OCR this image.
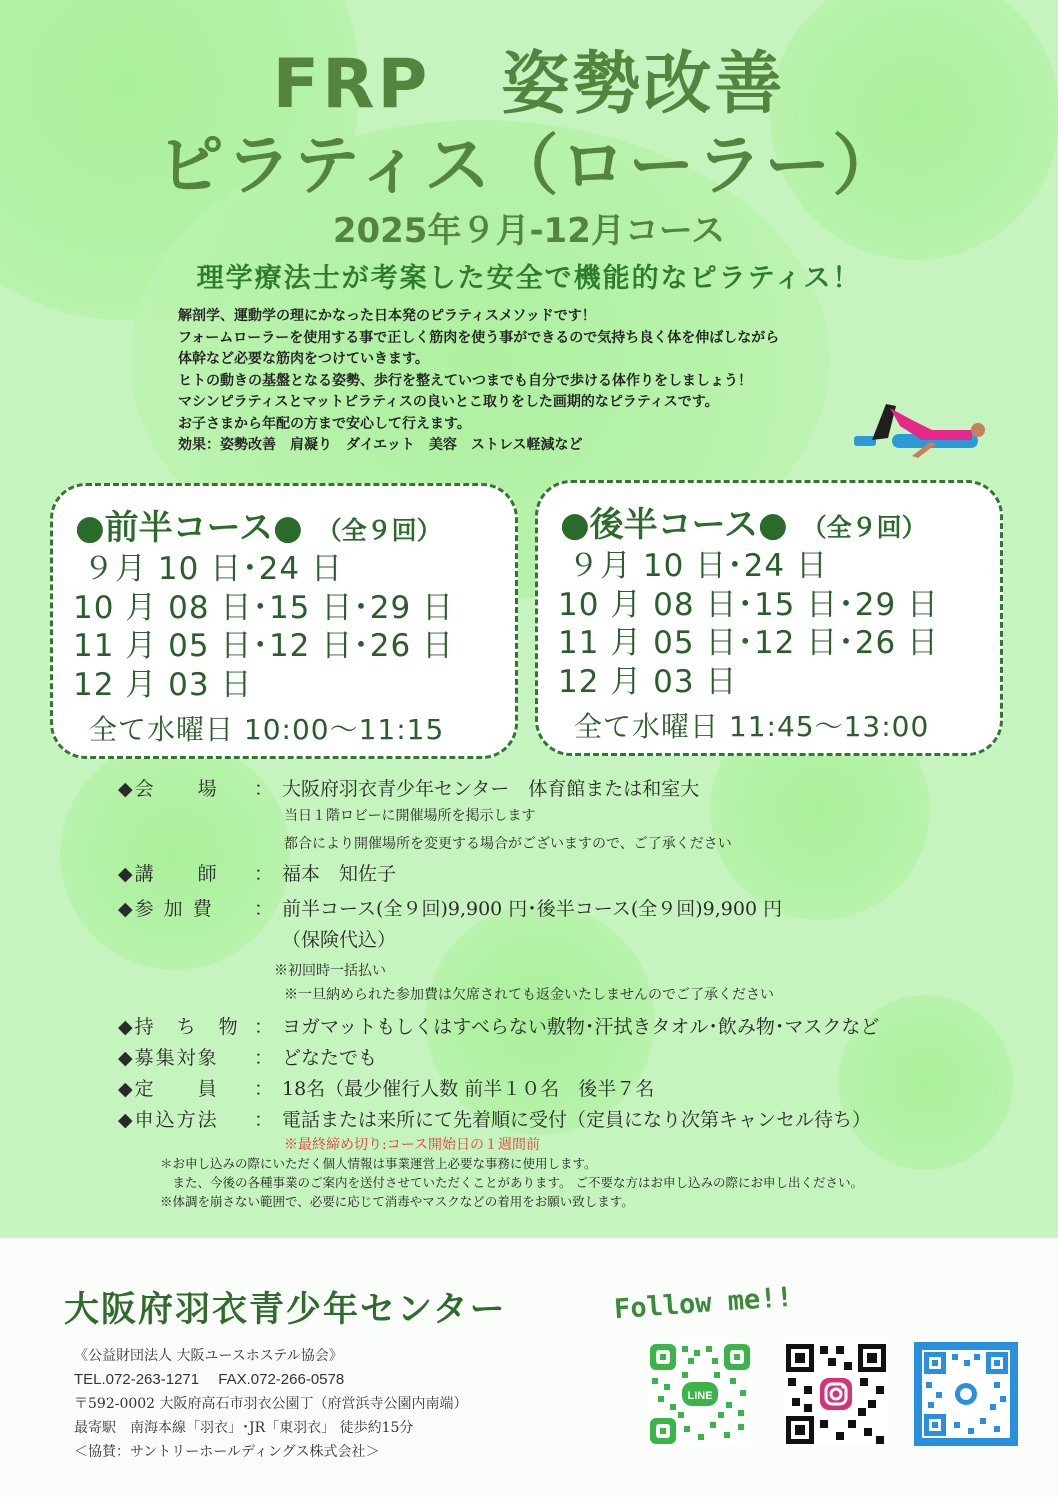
FRP　姿勢改善
ピラティス（ローラー）
2025年９月-12月コース
理学療法士が考案した安全で機能的なピラティス！
解剖学、運動学の理にかなった日本発のピラティスメソッドです！
フォームローラーを使用する事で正しく筋肉を使う事ができるので気持ち良く体を伸ばしながら
体幹など必要な筋肉をつけていきます。
ヒトの動きの基盤となる姿勢、歩行を整えていつまでも自分で歩ける体作りをしましょう！
マシンピラティスとマットピラティスの良いとこ取りをした画期的なピラティスです。
お子さまから年配の方まで安心して行えます。
効果：姿勢改善　肩凝り　ダイエット　美容　ストレス軽減など
●前半コース● （全９回）
９月 10 日･24 日
10 月 08 日･15 日･29 日
11 月 05 日･12 日･26 日
12 月 03 日
全て水曜日 10:00～11:15
●後半コース● （全９回）
９月 10 日･24 日
10 月 08 日･15 日･29 日
11 月 05 日･12 日･26 日
12 月 03 日
全て水曜日 11:45～13:00
◆会　　場	： 大阪府羽衣青少年センター　体育館または和室大
当日１階ロビーに開催場所を掲示します
都合により開催場所を変更する場合がございますので、ご了承ください
◆講　　師	： 福本　知佐子
◆参 加 費	： 前半コース(全９回)9,900 円･後半コース(全９回)9,900 円
（保険代込）
※初回時一括払い
※一旦納められた参加費は欠席されても返金いたしませんのでご了承ください
◆持　ち　物 ： ヨガマットもしくはすべらない敷物･汗拭きタオル･飲み物･マスクなど
◆募集対象	： どなたでも
◆定　　員	： 18名（最少催行人数 前半１０名　後半７名
◆申込方法	： 電話または来所にて先着順に受付（定員になり次第キャンセル待ち）
※最終締め切り:コース開始日の１週間前
＊お申し込みの際にいただく個人情報は事業運営上必要な事務に使用します。
　また、今後の各種事業のご案内を送付させていただくことがあります。 ご不要な方はお申し込みの際にお申し出ください。
※体調を崩さない範囲で、必要に応じて消毒やマスクなどの着用をお願い致します。
大阪府羽衣青少年センター	Follow me!!
《公益財団法人 大阪ユースホステル協会》
TEL.072-263-1271　 FAX.072-266-0578
〒592-0002 大阪府高石市羽衣公園丁（府営浜寺公園内南端）
最寄駅　南海本線「羽衣」･JR「東羽衣」 徒歩約15分
＜協賛：サントリーホールディングス株式会社＞
LINE
